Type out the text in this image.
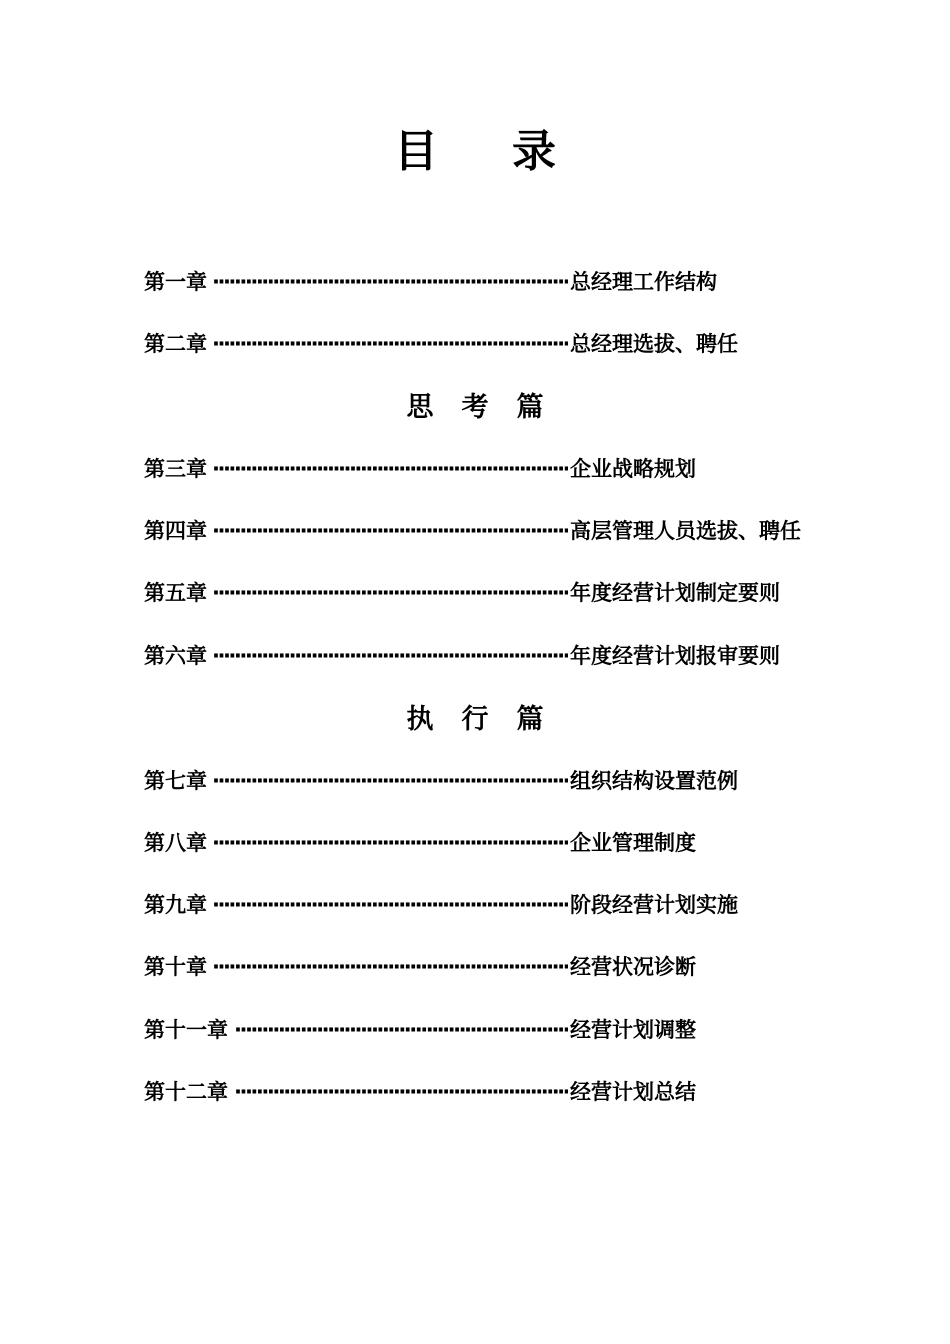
目录
第一章 ·····	总经理工作结构
第二章 ·····	总经理选拔、聘任
思考篇
第三章 ·····	企业战略规划
第四章 ·····	高层管理人员选拔、聘任
第五章 ·····	年度经营计划制定要则
第六章 ·····	年度经营计划报审要则
执行篇
第七章 ·····	组织结构设置范例
第八章 ·····	企业管理制度
第九章 ·····	阶段经营计划实施
第十章 ·····	经营状况诊断
第十一章 ·····	经营计划调整
第十二章 ·····	经营计划总结
